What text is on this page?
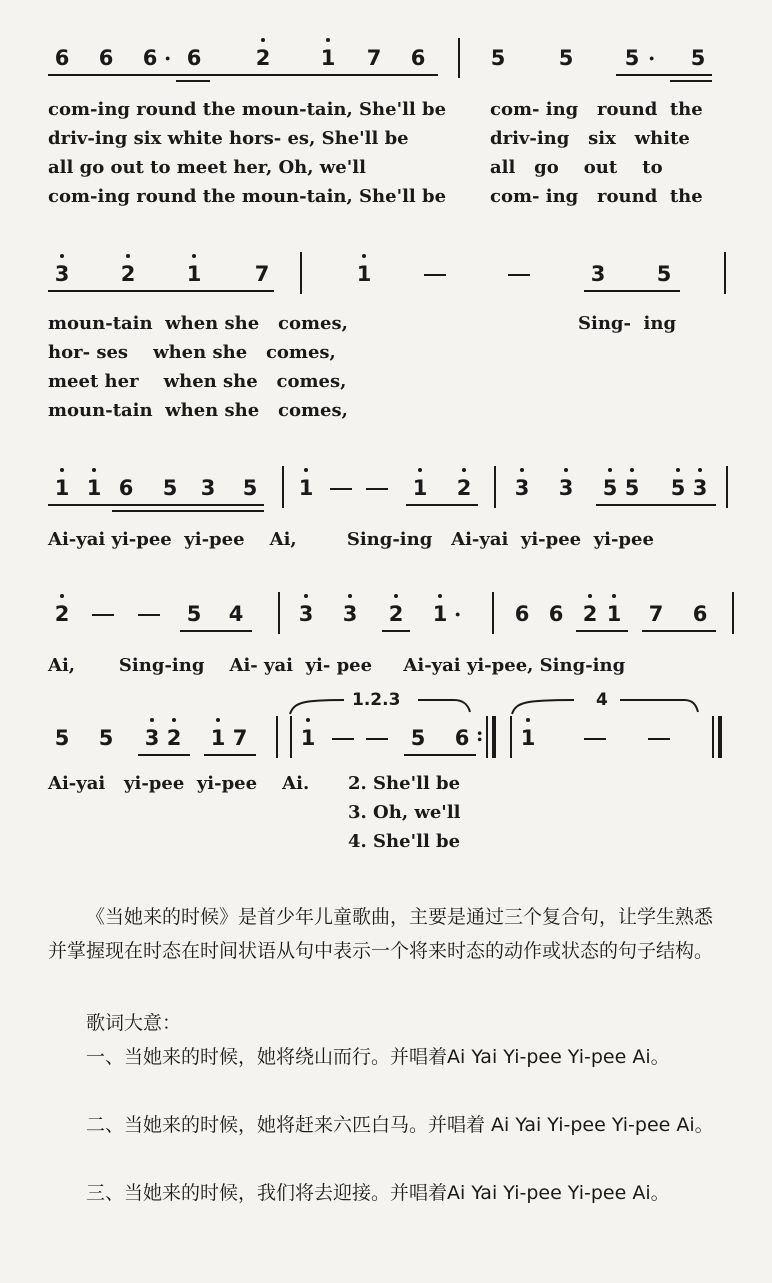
6 6 6 · 6	2 1 7 6	5	5 5 · 5
com-ing round the moun-tain, She'll be
driv-ing six white hors- es, She'll be
all go out to meet her, Oh, we'll
com-ing round the moun-tain, She'll be
com- ing   round  the
driv-ing   six   white
all   go    out    to
com- ing   round  the
3 2 1	7	1	3 5
moun-tain  when she   comes,
hor- ses    when she   comes,
meet her    when she   comes,
moun-tain  when she   comes,
Sing-  ing
1 1 6 5 3 5 1	1 2 3 3 5 5 5 3
Ai-yai yi-pee  yi-pee    Ai,        Sing-ing   Ai-yai  yi-pee  yi-pee
2	5 4	3 3 2 1 ·	6 6 2 1 7 6
Ai,       Sing-ing    Ai- yai  yi- pee     Ai-yai yi-pee, Sing-ing
1.2.3	4
5 5 3 2 1 7	1	5 6 : 1
Ai-yai   yi-pee  yi-pee    Ai. 2. She'll be
3. Oh, we'll
4. She'll be
《当她来的时候》是首少年儿童歌曲，主要是通过三个复合句，让学生熟悉并掌握现在时态在时间状语从句中表示一个将来时态的动作或状态的句子结构。
歌词大意：
一、当她来的时候，她将绕山而行。并唱着Ai Yai Yi-pee Yi-pee Ai。
二、当她来的时候，她将赶来六匹白马。并唱着 Ai Yai Yi-pee Yi-pee Ai。
三、当她来的时候，我们将去迎接。并唱着Ai Yai Yi-pee Yi-pee Ai。
